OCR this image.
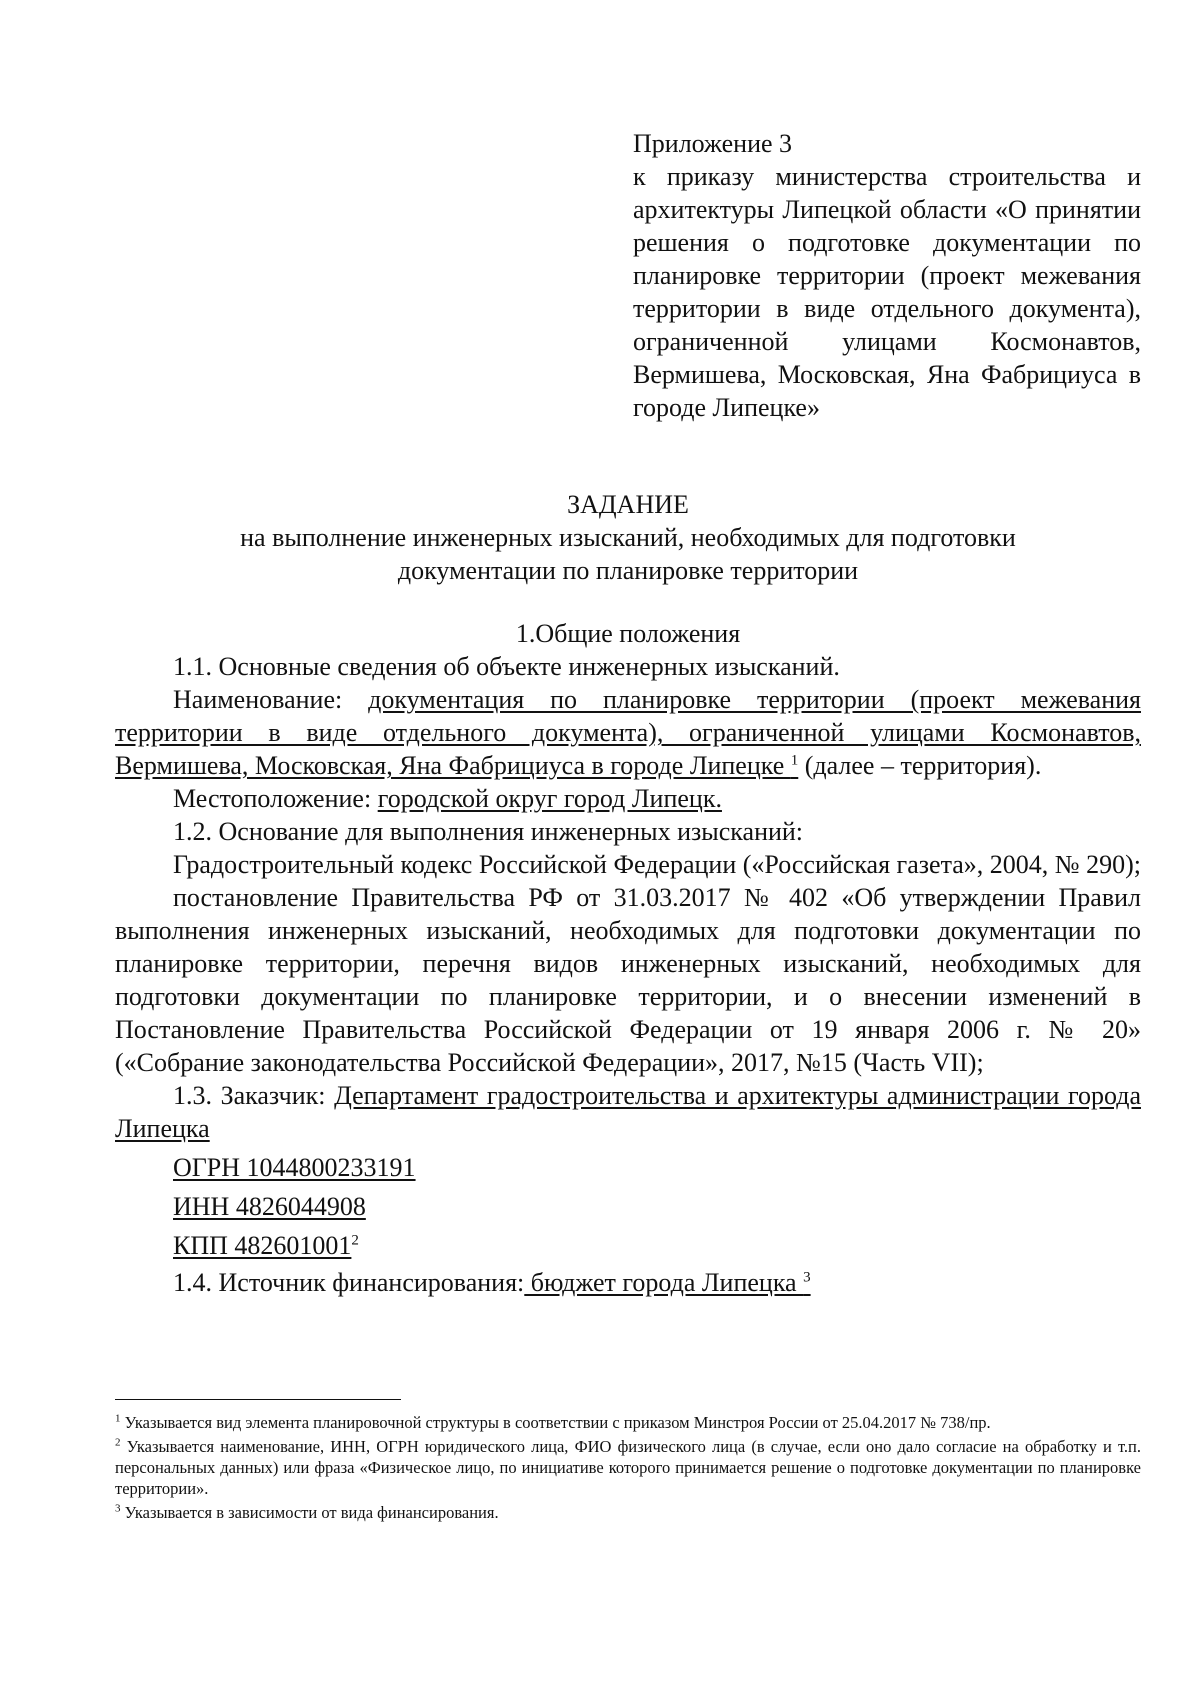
Приложение 3

к приказу министерства строительства и архитектуры Липецкой области «О принятии решения о подготовке документации по планировке территории (проект межевания территории в виде отдельного документа), ограниченной улицами Космонавтов, Вермишева, Московская, Яна Фабрициуса в городе Липецке»

ЗАДАНИЕ

на выполнение инженерных изысканий, необходимых для подготовки документации по планировке территории

1.Общие положения

1.1. Основные сведения об объекте инженерных изысканий.

Наименование: документация по планировке территории (проект межевания территории в виде отдельного документа), ограниченной улицами Космонавтов, Вермишева, Московская, Яна Фабрициуса в городе Липецке $^1$ (далее – территория).

Местоположение: городской округ город Липецк.

1.2. Основание для выполнения инженерных изысканий:

Градостроительный кодекс Российской Федерации («Российская газета», 2004, № 290);

постановление Правительства РФ от 31.03.2017 № 402 «Об утверждении Правил выполнения инженерных изысканий, необходимых для подготовки документации по планировке территории, перечня видов инженерных изысканий, необходимых для подготовки документации по планировке территории, и о внесении изменений в Постановление Правительства Российской Федерации от 19 января 2006 г. № 20» («Собрание законодательства Российской Федерации», 2017, №15 (Часть VII);

1.3. Заказчик: Департамент градостроительства и архитектуры администрации города Липецка

ОГРН 1044800233191

ИНН 4826044908

КПП 482601001$^2$

1.4. Источник финансирования: бюджет города Липецка $^3$

$^1$ Указывается вид элемента планировочной структуры в соответствии с приказом Минстроя России от 25.04.2017 № 738/пр.

$^2$ Указывается наименование, ИНН, ОГРН юридического лица, ФИО физического лица (в случае, если оно дало согласие на обработку и т.п. персональных данных) или фраза «Физическое лицо, по инициативе которого принимается решение о подготовке документации по планировке территории».

$^3$ Указывается в зависимости от вида финансирования.
